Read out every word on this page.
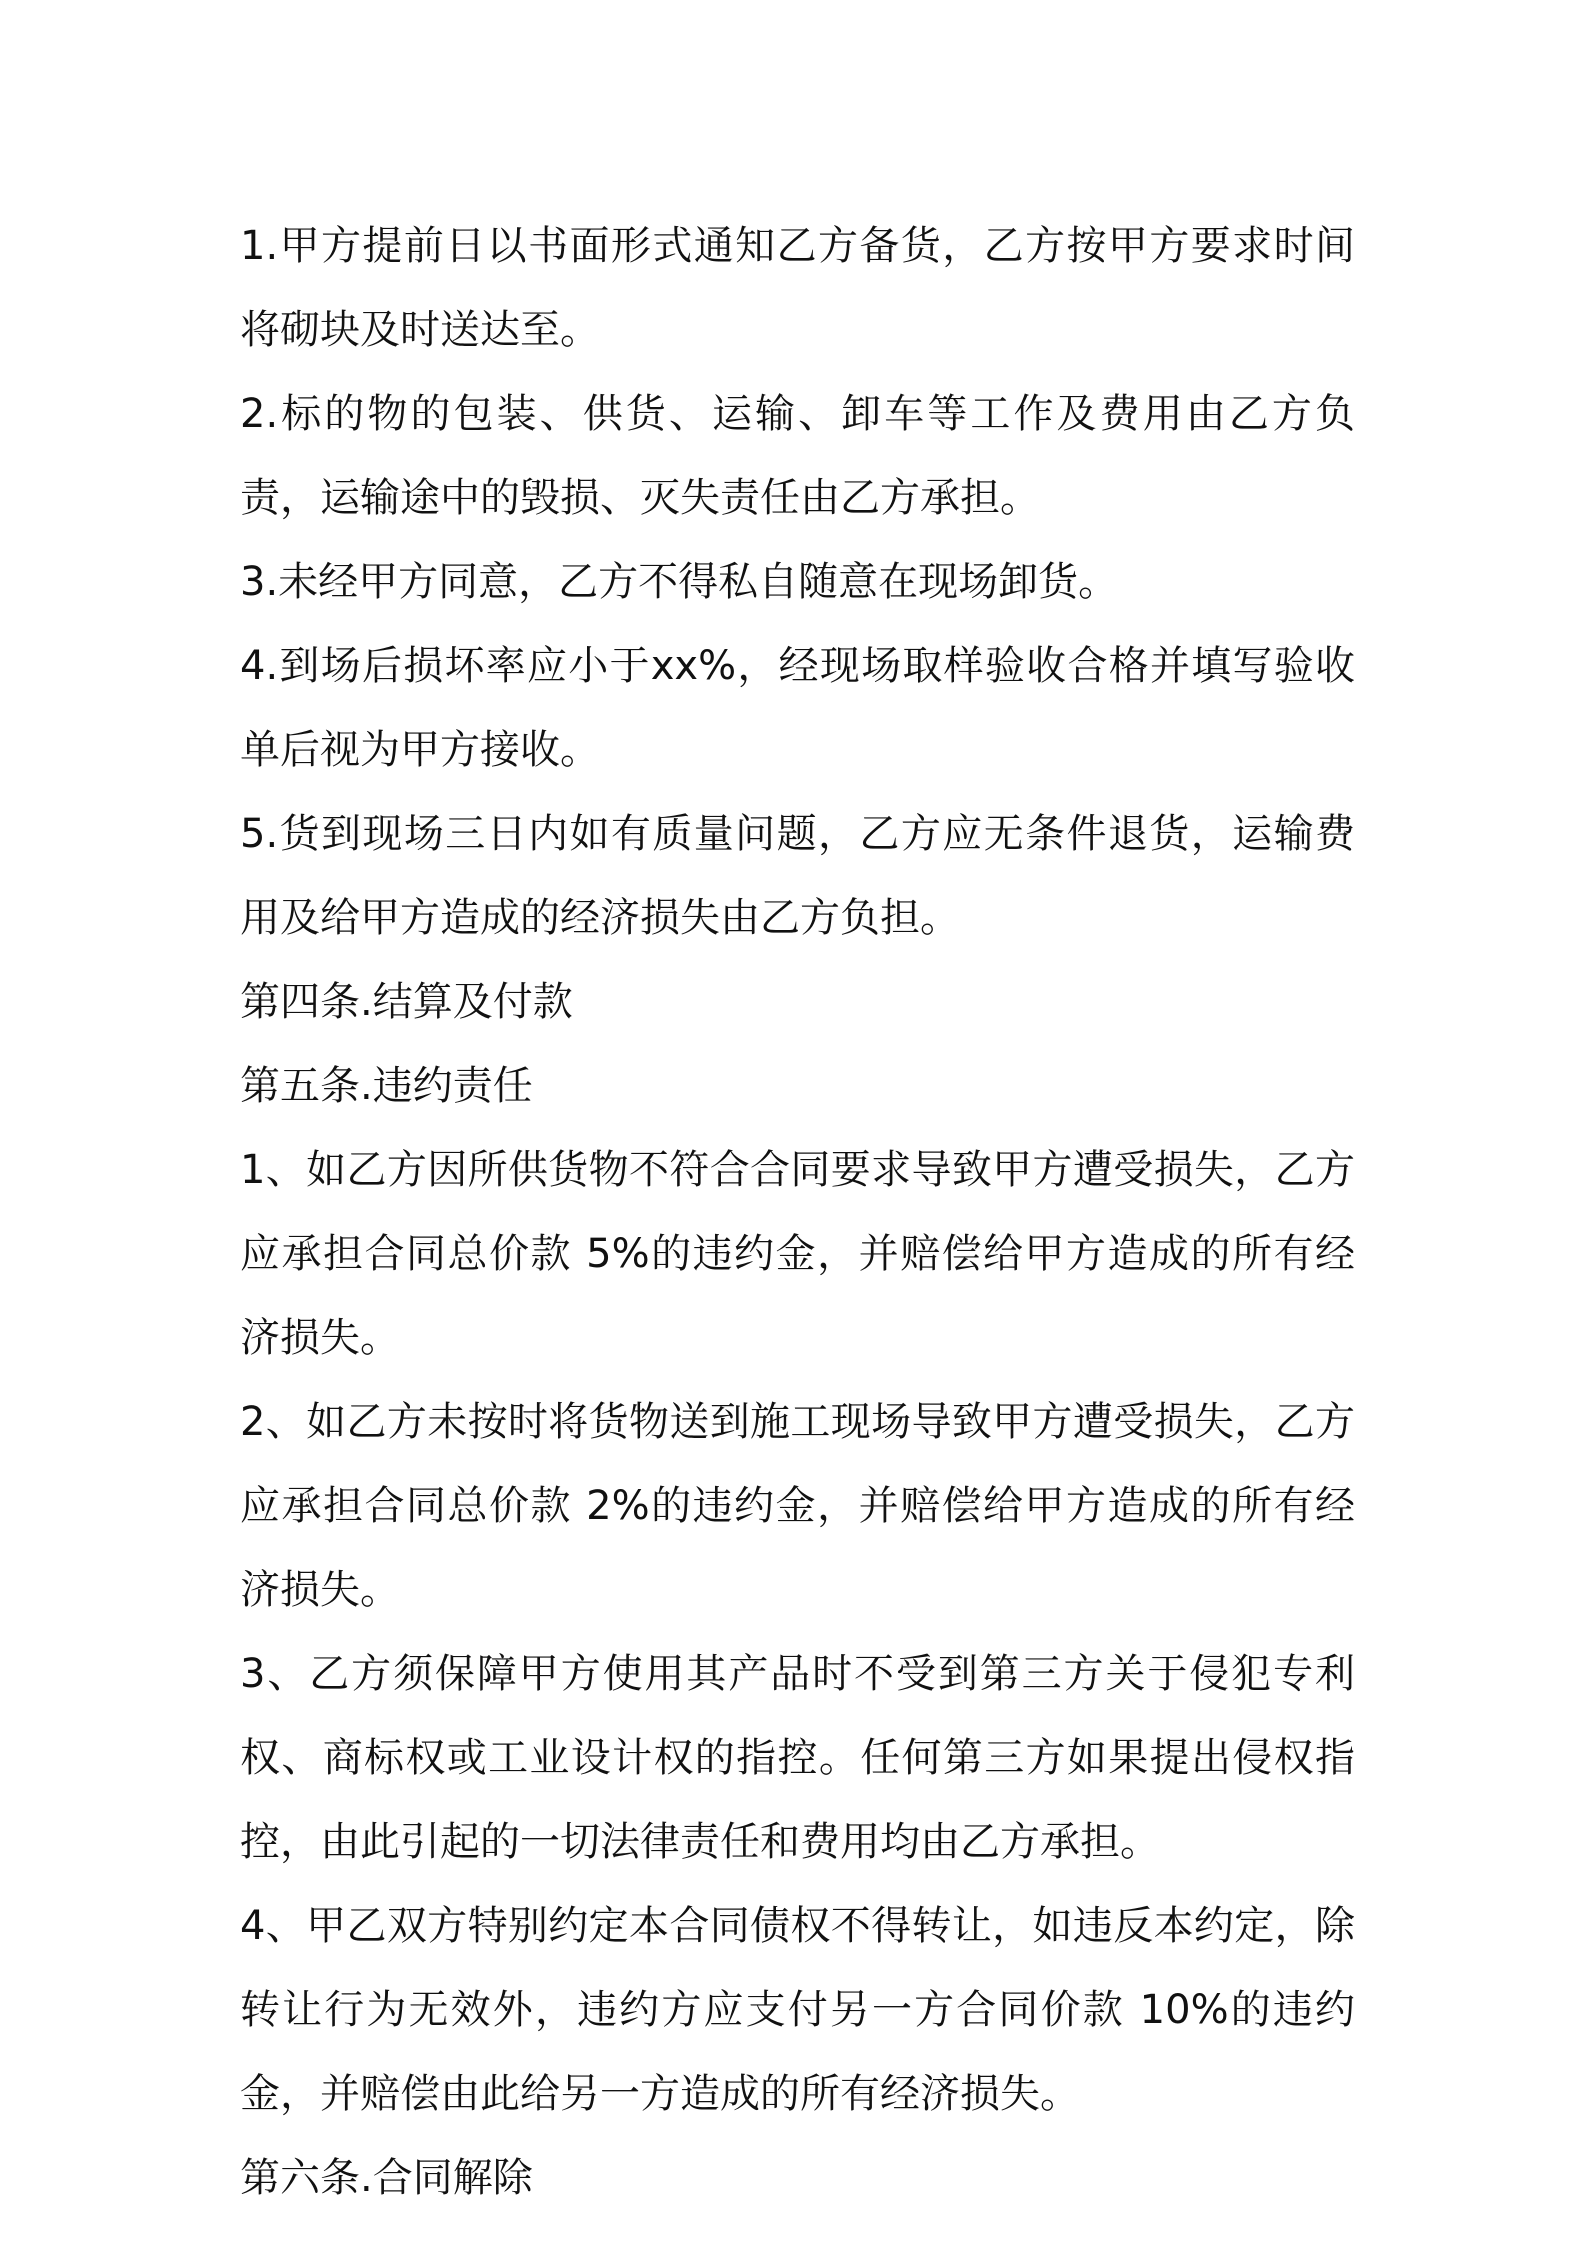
1.甲方提前日以书面形式通知乙方备货，乙方按甲方要求时间将砌块及时送达至。

2.标的物的包装、供货、运输、卸车等工作及费用由乙方负责，运输途中的毁损、灭失责任由乙方承担。

3.未经甲方同意，乙方不得私自随意在现场卸货。

4.到场后损坏率应小于xx%，经现场取样验收合格并填写验收单后视为甲方接收。

5.货到现场三日内如有质量问题，乙方应无条件退货，运输费用及给甲方造成的经济损失由乙方负担。

第四条.结算及付款

第五条.违约责任

1、如乙方因所供货物不符合合同要求导致甲方遭受损失，乙方应承担合同总价款 5%的违约金，并赔偿给甲方造成的所有经济损失。

2、如乙方未按时将货物送到施工现场导致甲方遭受损失，乙方应承担合同总价款 2%的违约金，并赔偿给甲方造成的所有经济损失。

3、乙方须保障甲方使用其产品时不受到第三方关于侵犯专利权、商标权或工业设计权的指控。任何第三方如果提出侵权指控，由此引起的一切法律责任和费用均由乙方承担。

4、甲乙双方特别约定本合同债权不得转让，如违反本约定，除转让行为无效外，违约方应支付另一方合同价款 10%的违约金，并赔偿由此给另一方造成的所有经济损失。

第六条.合同解除
